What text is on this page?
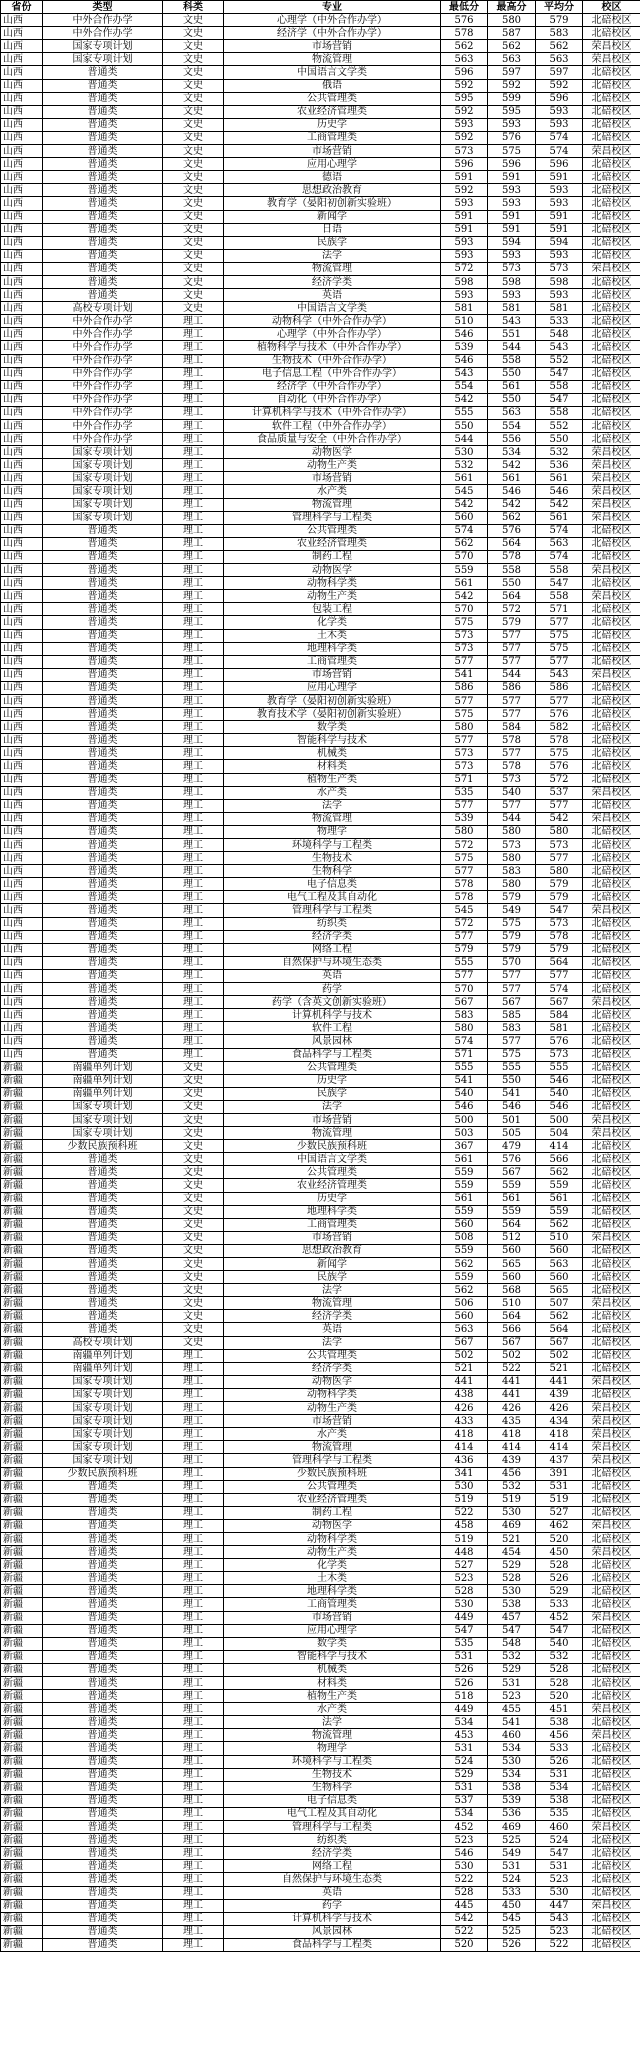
省份	类型	科类	专业	最低分	最高分	平均分	校区
山西	中外合作办学	文史	心理学（中外合作办学）	576	580	579	北碚校区
山西	中外合作办学	文史	经济学（中外合作办学）	578	587	583	北碚校区
山西	国家专项计划	文史	市场营销	562	562	562	荣昌校区
山西	国家专项计划	文史	物流管理	563	563	563	荣昌校区
山西	普通类	文史	中国语言文学类	596	597	597	北碚校区
山西	普通类	文史	俄语	592	592	592	北碚校区
山西	普通类	文史	公共管理类	595	599	596	北碚校区
山西	普通类	文史	农业经济管理类	592	595	593	北碚校区
山西	普通类	文史	历史学	593	593	593	北碚校区
山西	普通类	文史	工商管理类	592	576	574	北碚校区
山西	普通类	文史	市场营销	573	575	574	荣昌校区
山西	普通类	文史	应用心理学	596	596	596	北碚校区
山西	普通类	文史	德语	591	591	591	北碚校区
山西	普通类	文史	思想政治教育	592	593	593	北碚校区
山西	普通类	文史	教育学（晏阳初创新实验班）	593	593	593	北碚校区
山西	普通类	文史	新闻学	591	591	591	北碚校区
山西	普通类	文史	日语	591	591	591	北碚校区
山西	普通类	文史	民族学	593	594	594	北碚校区
山西	普通类	文史	法学	593	593	593	北碚校区
山西	普通类	文史	物流管理	572	573	573	荣昌校区
山西	普通类	文史	经济学类	598	598	598	北碚校区
山西	普通类	文史	英语	593	593	593	北碚校区
山西	高校专项计划	文史	中国语言文学类	581	581	581	北碚校区
山西	中外合作办学	理工	动物科学（中外合作办学）	510	543	533	北碚校区
山西	中外合作办学	理工	心理学（中外合作办学）	546	551	548	北碚校区
山西	中外合作办学	理工	植物科学与技术（中外合作办学）	539	544	543	北碚校区
山西	中外合作办学	理工	生物技术（中外合作办学）	546	558	552	北碚校区
山西	中外合作办学	理工	电子信息工程（中外合作办学）	543	550	547	北碚校区
山西	中外合作办学	理工	经济学（中外合作办学）	554	561	558	北碚校区
山西	中外合作办学	理工	自动化（中外合作办学）	542	550	547	北碚校区
山西	中外合作办学	理工	计算机科学与技术（中外合作办学）	555	563	558	北碚校区
山西	中外合作办学	理工	软件工程（中外合作办学）	550	554	552	北碚校区
山西	中外合作办学	理工	食品质量与安全（中外合作办学）	544	556	550	北碚校区
山西	国家专项计划	理工	动物医学	530	534	532	荣昌校区
山西	国家专项计划	理工	动物生产类	532	542	536	荣昌校区
山西	国家专项计划	理工	市场营销	561	561	561	荣昌校区
山西	国家专项计划	理工	水产类	545	546	546	荣昌校区
山西	国家专项计划	理工	物流管理	542	542	542	荣昌校区
山西	国家专项计划	理工	管理科学与工程类	560	562	561	荣昌校区
山西	普通类	理工	公共管理类	574	576	574	北碚校区
山西	普通类	理工	农业经济管理类	562	564	563	北碚校区
山西	普通类	理工	制药工程	570	578	574	北碚校区
山西	普通类	理工	动物医学	559	558	558	荣昌校区
山西	普通类	理工	动物科学类	561	550	547	北碚校区
山西	普通类	理工	动物生产类	542	564	558	荣昌校区
山西	普通类	理工	包装工程	570	572	571	北碚校区
山西	普通类	理工	化学类	575	579	577	北碚校区
山西	普通类	理工	土木类	573	577	575	北碚校区
山西	普通类	理工	地理科学类	573	577	575	北碚校区
山西	普通类	理工	工商管理类	577	577	577	北碚校区
山西	普通类	理工	市场营销	541	544	543	荣昌校区
山西	普通类	理工	应用心理学	586	586	586	北碚校区
山西	普通类	理工	教育学（晏阳初创新实验班）	577	577	577	北碚校区
山西	普通类	理工	教育技术学（晏阳初创新实验班）	575	577	576	北碚校区
山西	普通类	理工	数学类	580	584	582	北碚校区
山西	普通类	理工	智能科学与技术	577	578	578	北碚校区
山西	普通类	理工	机械类	573	577	575	北碚校区
山西	普通类	理工	材料类	573	578	576	北碚校区
山西	普通类	理工	植物生产类	571	573	572	北碚校区
山西	普通类	理工	水产类	535	540	537	荣昌校区
山西	普通类	理工	法学	577	577	577	北碚校区
山西	普通类	理工	物流管理	539	544	542	荣昌校区
山西	普通类	理工	物理学	580	580	580	北碚校区
山西	普通类	理工	环境科学与工程类	572	573	573	北碚校区
山西	普通类	理工	生物技术	575	580	577	北碚校区
山西	普通类	理工	生物科学	577	583	580	北碚校区
山西	普通类	理工	电子信息类	578	580	579	北碚校区
山西	普通类	理工	电气工程及其自动化	578	579	579	北碚校区
山西	普通类	理工	管理科学与工程类	545	549	547	荣昌校区
山西	普通类	理工	纺织类	572	575	573	北碚校区
山西	普通类	理工	经济学类	577	579	578	北碚校区
山西	普通类	理工	网络工程	579	579	579	北碚校区
山西	普通类	理工	自然保护与环境生态类	555	570	564	北碚校区
山西	普通类	理工	英语	577	577	577	北碚校区
山西	普通类	理工	药学	570	577	574	北碚校区
山西	普通类	理工	药学（含英文创新实验班）	567	567	567	荣昌校区
山西	普通类	理工	计算机科学与技术	583	585	584	北碚校区
山西	普通类	理工	软件工程	580	583	581	北碚校区
山西	普通类	理工	风景园林	574	577	576	北碚校区
山西	普通类	理工	食品科学与工程类	571	575	573	北碚校区
新疆	南疆单列计划	文史	公共管理类	555	555	555	北碚校区
新疆	南疆单列计划	文史	历史学	541	550	546	北碚校区
新疆	南疆单列计划	文史	民族学	540	541	540	北碚校区
新疆	国家专项计划	文史	法学	546	546	546	北碚校区
新疆	国家专项计划	文史	市场营销	500	501	500	荣昌校区
新疆	国家专项计划	文史	物流管理	503	505	504	荣昌校区
新疆	少数民族预科班	文史	少数民族预科班	367	479	414	北碚校区
新疆	普通类	文史	中国语言文学类	561	576	566	北碚校区
新疆	普通类	文史	公共管理类	559	567	562	北碚校区
新疆	普通类	文史	农业经济管理类	559	559	559	北碚校区
新疆	普通类	文史	历史学	561	561	561	北碚校区
新疆	普通类	文史	地理科学类	559	559	559	北碚校区
新疆	普通类	文史	工商管理类	560	564	562	北碚校区
新疆	普通类	文史	市场营销	508	512	510	荣昌校区
新疆	普通类	文史	思想政治教育	559	560	560	北碚校区
新疆	普通类	文史	新闻学	562	565	563	北碚校区
新疆	普通类	文史	民族学	559	560	560	北碚校区
新疆	普通类	文史	法学	562	568	565	北碚校区
新疆	普通类	文史	物流管理	506	510	507	荣昌校区
新疆	普通类	文史	经济学类	560	564	562	北碚校区
新疆	普通类	文史	英语	563	566	564	北碚校区
新疆	高校专项计划	文史	法学	567	567	567	北碚校区
新疆	南疆单列计划	理工	公共管理类	502	502	502	北碚校区
新疆	南疆单列计划	理工	经济学类	521	522	521	北碚校区
新疆	国家专项计划	理工	动物医学	441	441	441	荣昌校区
新疆	国家专项计划	理工	动物科学类	438	441	439	北碚校区
新疆	国家专项计划	理工	动物生产类	426	426	426	荣昌校区
新疆	国家专项计划	理工	市场营销	433	435	434	荣昌校区
新疆	国家专项计划	理工	水产类	418	418	418	荣昌校区
新疆	国家专项计划	理工	物流管理	414	414	414	荣昌校区
新疆	国家专项计划	理工	管理科学与工程类	436	439	437	荣昌校区
新疆	少数民族预科班	理工	少数民族预科班	341	456	391	北碚校区
新疆	普通类	理工	公共管理类	530	532	531	北碚校区
新疆	普通类	理工	农业经济管理类	519	519	519	北碚校区
新疆	普通类	理工	制药工程	522	530	527	北碚校区
新疆	普通类	理工	动物医学	458	469	462	荣昌校区
新疆	普通类	理工	动物科学类	519	521	520	北碚校区
新疆	普通类	理工	动物生产类	448	454	450	荣昌校区
新疆	普通类	理工	化学类	527	529	528	北碚校区
新疆	普通类	理工	土木类	523	528	526	北碚校区
新疆	普通类	理工	地理科学类	528	530	529	北碚校区
新疆	普通类	理工	工商管理类	530	538	533	北碚校区
新疆	普通类	理工	市场营销	449	457	452	荣昌校区
新疆	普通类	理工	应用心理学	547	547	547	北碚校区
新疆	普通类	理工	数学类	535	548	540	北碚校区
新疆	普通类	理工	智能科学与技术	531	532	532	北碚校区
新疆	普通类	理工	机械类	526	529	528	北碚校区
新疆	普通类	理工	材料类	526	531	528	北碚校区
新疆	普通类	理工	植物生产类	518	523	520	北碚校区
新疆	普通类	理工	水产类	449	455	451	荣昌校区
新疆	普通类	理工	法学	534	541	538	北碚校区
新疆	普通类	理工	物流管理	453	460	456	荣昌校区
新疆	普通类	理工	物理学	531	534	533	北碚校区
新疆	普通类	理工	环境科学与工程类	524	530	526	北碚校区
新疆	普通类	理工	生物技术	529	534	531	北碚校区
新疆	普通类	理工	生物科学	531	538	534	北碚校区
新疆	普通类	理工	电子信息类	537	539	538	北碚校区
新疆	普通类	理工	电气工程及其自动化	534	536	535	北碚校区
新疆	普通类	理工	管理科学与工程类	452	469	460	荣昌校区
新疆	普通类	理工	纺织类	523	525	524	北碚校区
新疆	普通类	理工	经济学类	546	549	547	北碚校区
新疆	普通类	理工	网络工程	530	531	531	北碚校区
新疆	普通类	理工	自然保护与环境生态类	522	524	523	北碚校区
新疆	普通类	理工	英语	528	533	530	北碚校区
新疆	普通类	理工	药学	445	450	447	荣昌校区
新疆	普通类	理工	计算机科学与技术	542	545	543	北碚校区
新疆	普通类	理工	风景园林	522	525	523	北碚校区
新疆	普通类	理工	食品科学与工程类	520	526	522	北碚校区
